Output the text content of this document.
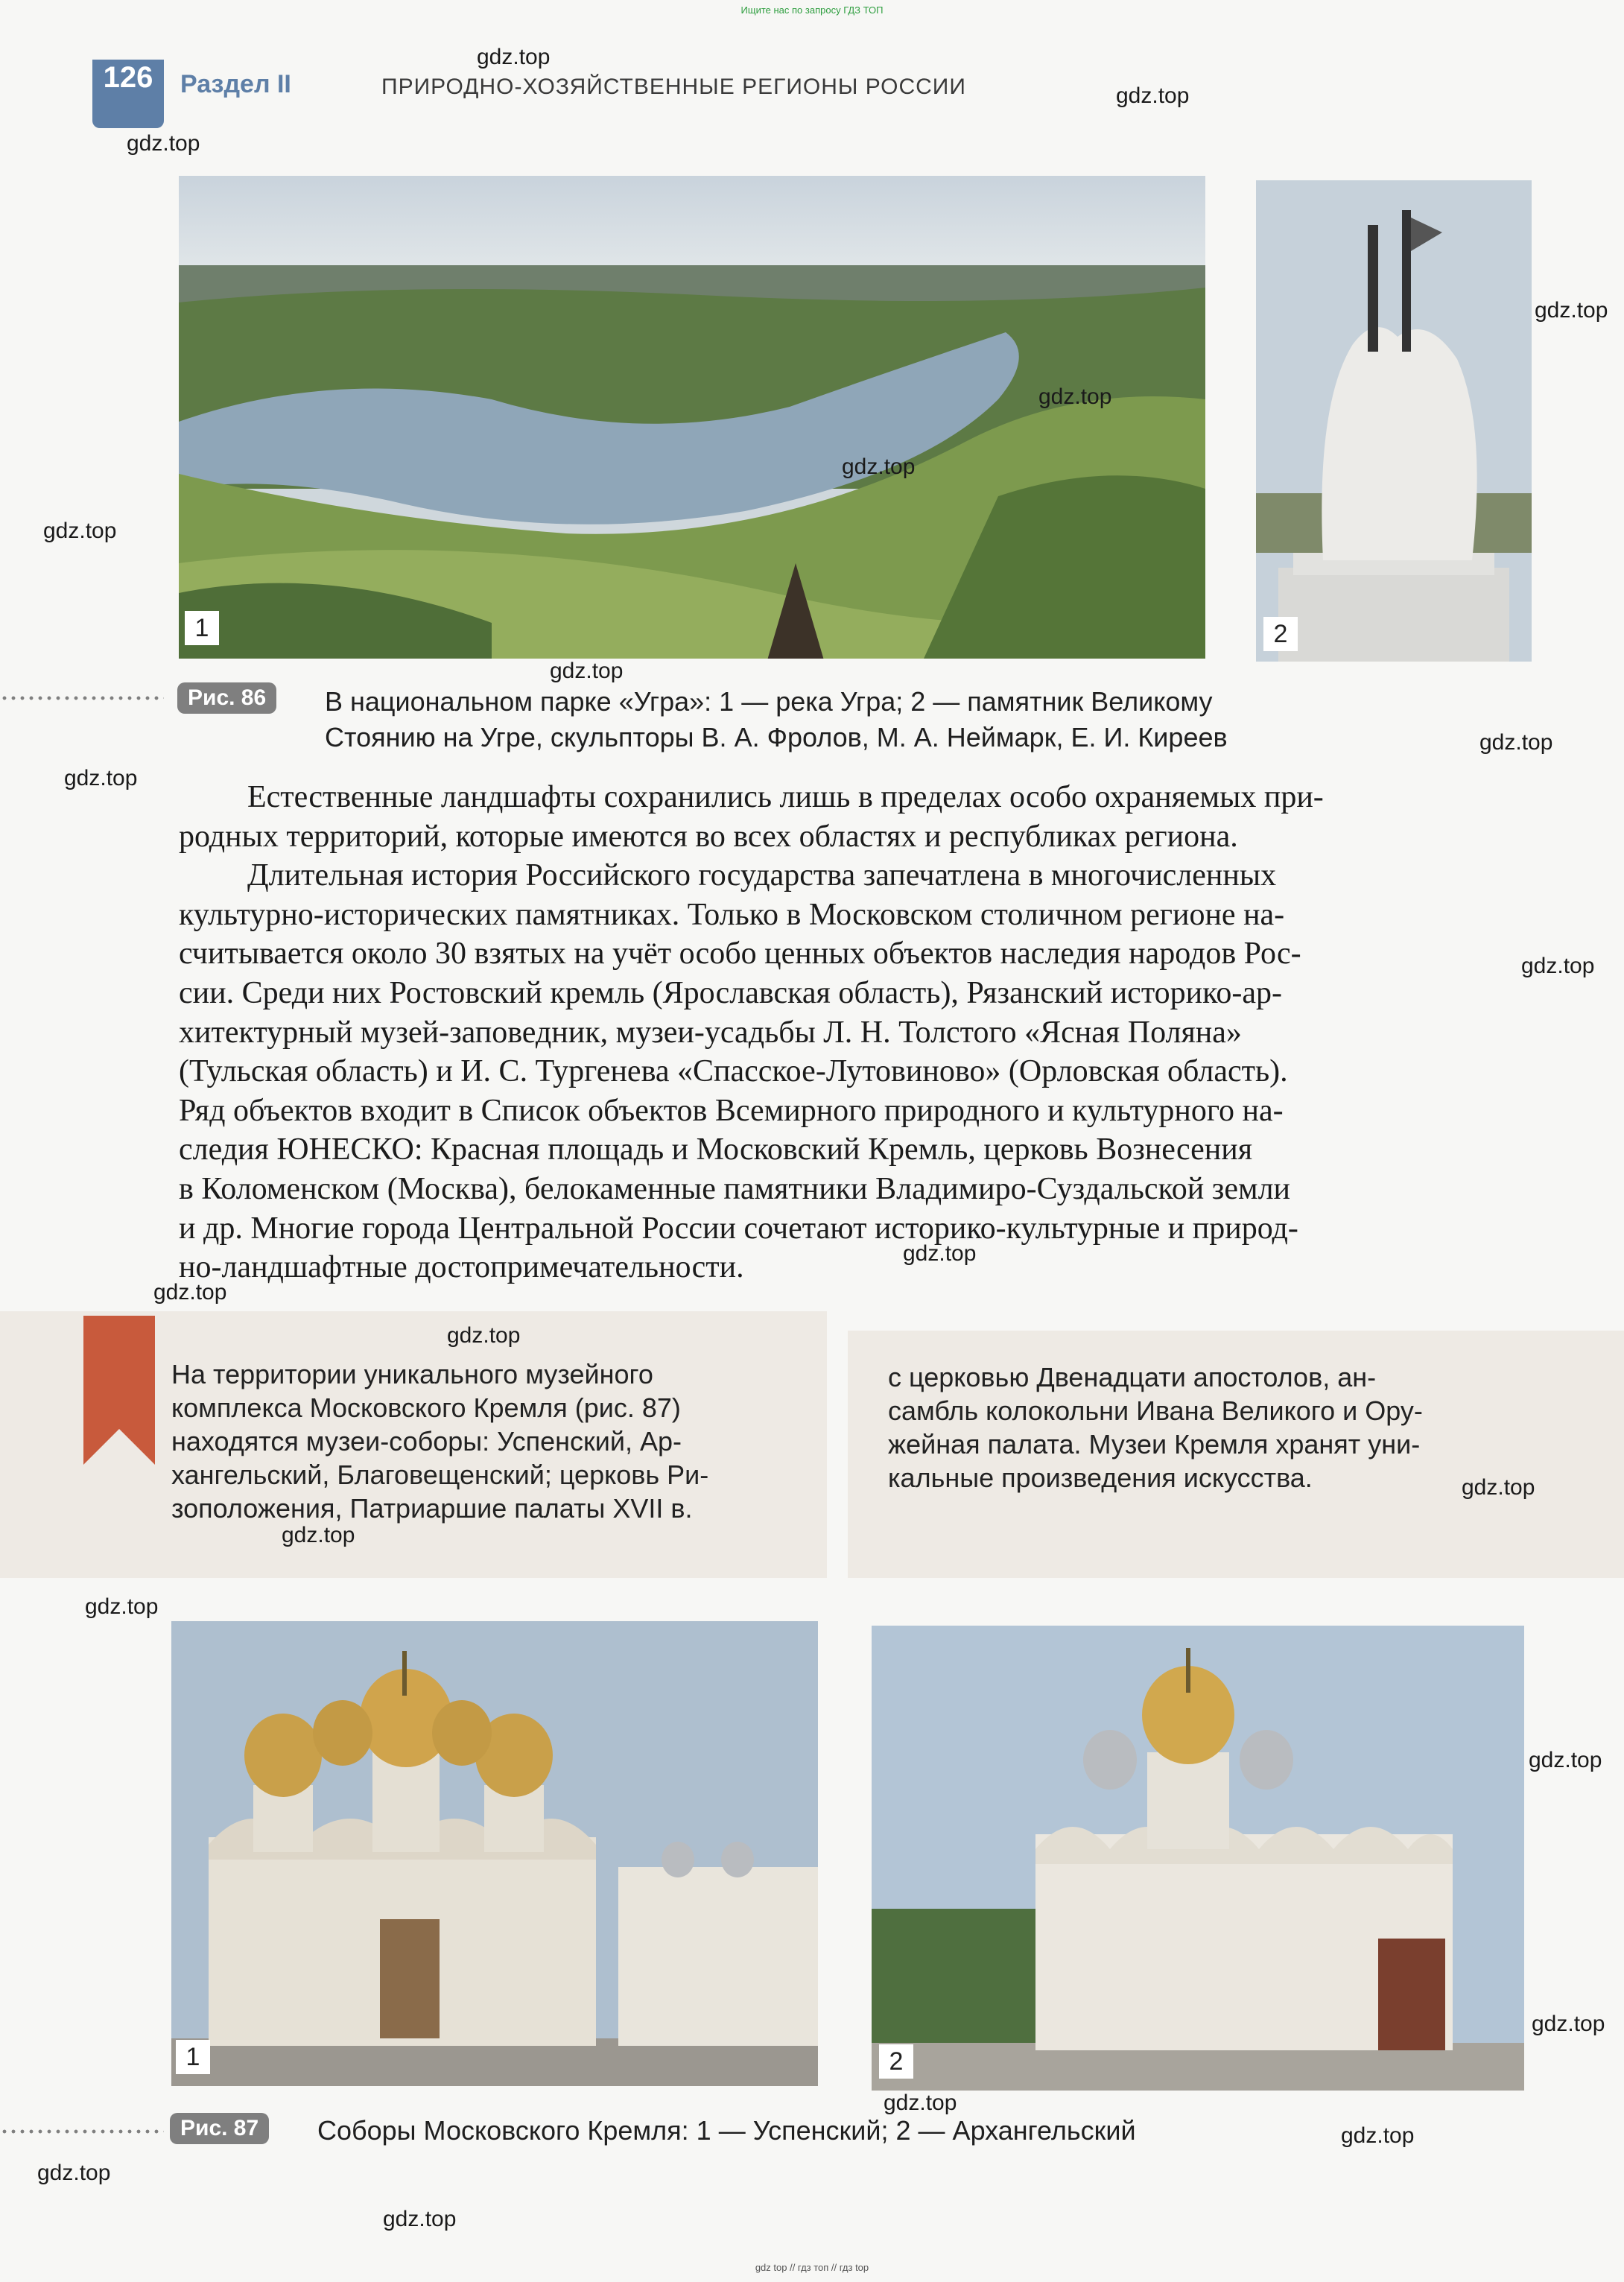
Ищите нас по запросу ГДЗ ТОП
126	Раздел II	ПРИРОДНО-ХОЗЯЙСТВЕННЫЕ РЕГИОНЫ РОССИИ
1	2
Рис. 86	В национальном парке «Угра»: 1 — река Угра; 2 — памятник Великому
Стоянию на Угре, скульпторы В. А. Фролов, М. А. Неймарк, Е. И. Киреев

Естественные ландшафты сохранились лишь в пределах особо охраняемых при-

родных территорий, которые имеются во всех областях и республиках региона.

Длительная история Российского государства запечатлена в многочисленных

культурно-исторических памятниках. Только в Московском столичном регионе на-

считывается около 30 взятых на учёт особо ценных объектов наследия народов Рос-

сии. Среди них Ростовский кремль (Ярославская область), Рязанский историко-ар-

хитектурный музей-заповедник, музеи-усадьбы Л. Н. Толстого «Ясная Поляна»

(Тульская область) и И. С. Тургенева «Спасское-Лутовиново» (Орловская область).

Ряд объектов входит в Список объектов Всемирного природного и культурного на-

следия ЮНЕСКО: Красная площадь и Московский Кремль, церковь Вознесения

в Коломенском (Москва), белокаменные памятники Владимиро-Суздальской земли

и др. Многие города Центральной России сочетают историко-культурные и природ-

но-ландшафтные достопримечательности.

На территории уникального музейного
комплекса Московского Кремля (рис. 87)
находятся музеи-соборы: Успенский, Ар-
хангельский, Благовещенский; церковь Ри-
зоположения, Патриаршие палаты XVII в.
с церковью Двенадцати апостолов, ан-
самбль колокольни Ивана Великого и Ору-
жейная палата. Музеи Кремля хранят уни-
кальные произведения искусства.
1	2
Рис. 87	Соборы Московского Кремля: 1 — Успенский; 2 — Архангельский
gdz.top
gdz.top
gdz.top
gdz.top
gdz.top
gdz.top
gdz.top
gdz.top
gdz.top
gdz.top
gdz.top
gdz.top
gdz.top
gdz.top
gdz.top
gdz.top
gdz.top
gdz.top
gdz.top
gdz.top
gdz.top
gdz.top
gdz.top
gdz top // гдз топ // гдз top
